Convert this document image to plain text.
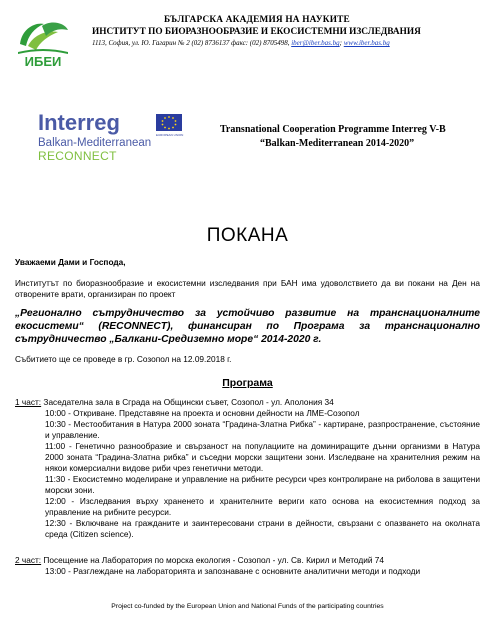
ИБЕИ

БЪЛГАРСКА АКАДЕМИЯ НА НАУКИТЕ

ИНСТИТУТ ПО БИОРАЗНООБРАЗИЕ И ЕКОСИСТЕМНИ ИЗСЛЕДВАНИЯ

1113, София, ул. Ю. Гагарин № 2 (02) 8736137 факс: (02) 8705498, iber@iber.bas.bg; www.iber.bas.bg

Interreg	EUROPEAN UNION
Balkan-Mediterranean
RECONNECT

Transnational Cooperation Programme Interreg V-B

“Balkan-Mediterranean 2014-2020”

ПОКАНА
Уважаеми Дами и Господа,
Институтът по биоразнообразие и екосистемни изследвания при БАН има удоволствието да ви покани на Ден на отворените врати, организиран по проект
„Регионално сътрудничество за устойчиво развитие на транснационалните екосистеми“ (RECONNECT), финансиран по Програма за транснационално сътрудничество „Балкани-Средиземно море“ 2014-2020 г.
Събитието ще се проведе в гр. Созопол на 12.09.2018 г.
Програма

1 част: Заседателна зала в Сграда на Общински съвет, Созопол - ул. Аполония 34

10:00 - Откриване. Представяне на проекта и основни дейности на ЛМЕ-Созопол

10:30 - Местообитания в Натура 2000 зоната “Градина-Златна Рибка” - картиране, разпространение, състояние и управление.

11:00 - Генетично разнообразие и свързаност на популациите на доминиращите дънни организми в Натура 2000 зоната “Градина-Златна рибка” и съседни морски защитени зони. Изследване на хранителния режим на някои комерсиални видове риби чрез генетични методи.

11:30 - Екосистемно моделиране и управление на рибните ресурси чрез контролиране на риболова в защитени морски зони.

12:00 - Изследвания върху храненето и хранителните вериги като основа на екосистемния подход за управление на рибните ресурси.

12:30 - Включване на гражданите и заинтересовани страни в дейности, свързани с опазването на околната среда (Citizen science).

2 част: Посещение на Лаборатория по морска екология - Созопол - ул. Св. Кирил и Методий 74

13:00 - Разглеждане на лабораторията и запознаване с основните аналитични методи и подходи

Project co-funded by the European Union and National Funds of the participating countries
